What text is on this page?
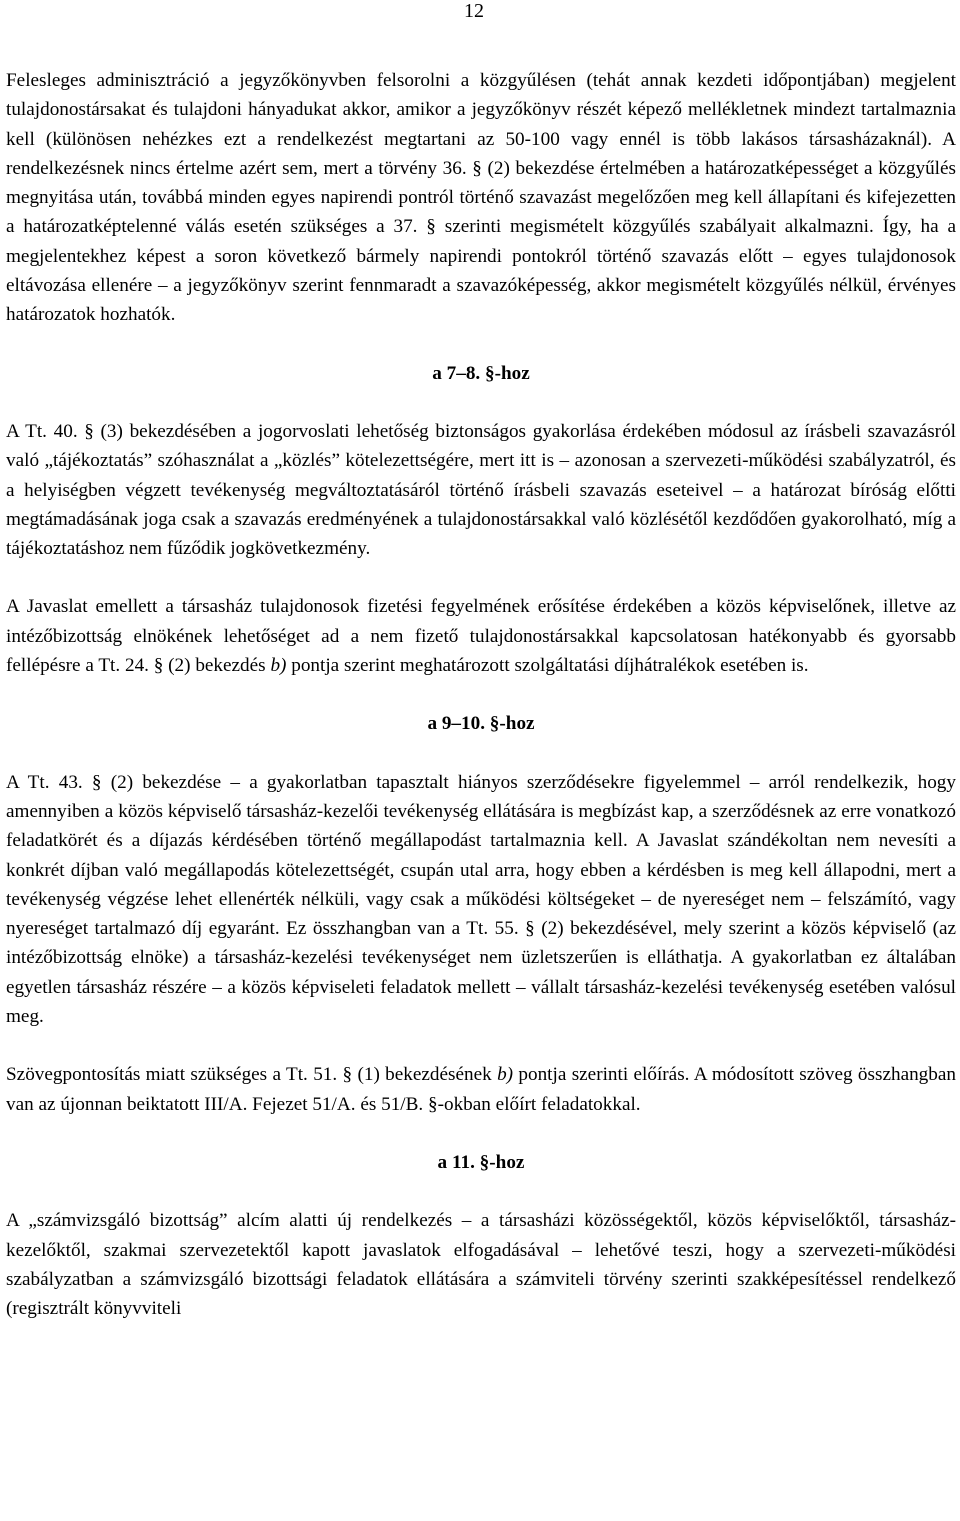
12

Felesleges adminisztráció a jegyzőkönyvben felsorolni a közgyűlésen (tehát annak kezdeti időpontjában) megjelent tulajdonostársakat és tulajdoni hányadukat akkor, amikor a jegyzőkönyv részét képező mellékletnek mindezt tartalmaznia kell (különösen nehézkes ezt a rendelkezést megtartani az 50-100 vagy ennél is több lakásos társasházaknál). A rendelkezésnek nincs értelme azért sem, mert a törvény 36. § (2) bekezdése értelmében a határozatképességet a közgyűlés megnyitása után, továbbá minden egyes napirendi pontról történő szavazást megelőzően meg kell állapítani és kifejezetten a határozatképtelenné válás esetén szükséges a 37. § szerinti megismételt közgyűlés szabályait alkalmazni. Így, ha a megjelentekhez képest a soron következő bármely napirendi pontokról történő szavazás előtt – egyes tulajdonosok eltávozása ellenére – a jegyzőkönyv szerint fennmaradt a szavazóképesség, akkor megismételt közgyűlés nélkül, érvényes határozatok hozhatók.

a 7–8. §-hoz

A Tt. 40. § (3) bekezdésében a jogorvoslati lehetőség biztonságos gyakorlása érdekében módosul az írásbeli szavazásról való „tájékoztatás” szóhasználat a „közlés” kötelezettségére, mert itt is – azonosan a szervezeti-működési szabályzatról, és a helyiségben végzett tevékenység megváltoztatásáról történő írásbeli szavazás eseteivel – a határozat bíróság előtti megtámadásának joga csak a szavazás eredményének a tulajdonostársakkal való közlésétől kezdődően gyakorolható, míg a tájékoztatáshoz nem fűződik jogkövetkezmény.

A Javaslat emellett a társasház tulajdonosok fizetési fegyelmének erősítése érdekében a közös képviselőnek, illetve az intézőbizottság elnökének lehetőséget ad a nem fizető tulajdonostársakkal kapcsolatosan hatékonyabb és gyorsabb fellépésre a Tt. 24. § (2) bekezdés b) pontja szerint meghatározott szolgáltatási díjhátralékok esetében is.

a 9–10. §-hoz

A Tt. 43. § (2) bekezdése – a gyakorlatban tapasztalt hiányos szerződésekre figyelemmel – arról rendelkezik, hogy amennyiben a közös képviselő társasház-kezelői tevékenység ellátására is megbízást kap, a szerződésnek az erre vonatkozó feladatkörét és a díjazás kérdésében történő megállapodást tartalmaznia kell. A Javaslat szándékoltan nem nevesíti a konkrét díjban való megállapodás kötelezettségét, csupán utal arra, hogy ebben a kérdésben is meg kell állapodni, mert a tevékenység végzése lehet ellenérték nélküli, vagy csak a működési költségeket – de nyereséget nem – felszámító, vagy nyereséget tartalmazó díj egyaránt. Ez összhangban van a Tt. 55. § (2) bekezdésével, mely szerint a közös képviselő (az intézőbizottság elnöke) a társasház-kezelési tevékenységet nem üzletszerűen is elláthatja. A gyakorlatban ez általában egyetlen társasház részére – a közös képviseleti feladatok mellett – vállalt társasház-kezelési tevékenység esetében valósul meg.

Szövegpontosítás miatt szükséges a Tt. 51. § (1) bekezdésének b) pontja szerinti előírás. A módosított szöveg összhangban van az újonnan beiktatott III/A. Fejezet 51/A. és 51/B. §-okban előírt feladatokkal.

a 11. §-hoz

A „számvizsgáló bizottság” alcím alatti új rendelkezés – a társasházi közösségektől, közös képviselőktől, társasház-kezelőktől, szakmai szervezetektől kapott javaslatok elfogadásával – lehetővé teszi, hogy a szervezeti-működési szabályzatban a számvizsgáló bizottsági feladatok ellátására a számviteli törvény szerinti szakképesítéssel rendelkező (regisztrált könyvviteli
